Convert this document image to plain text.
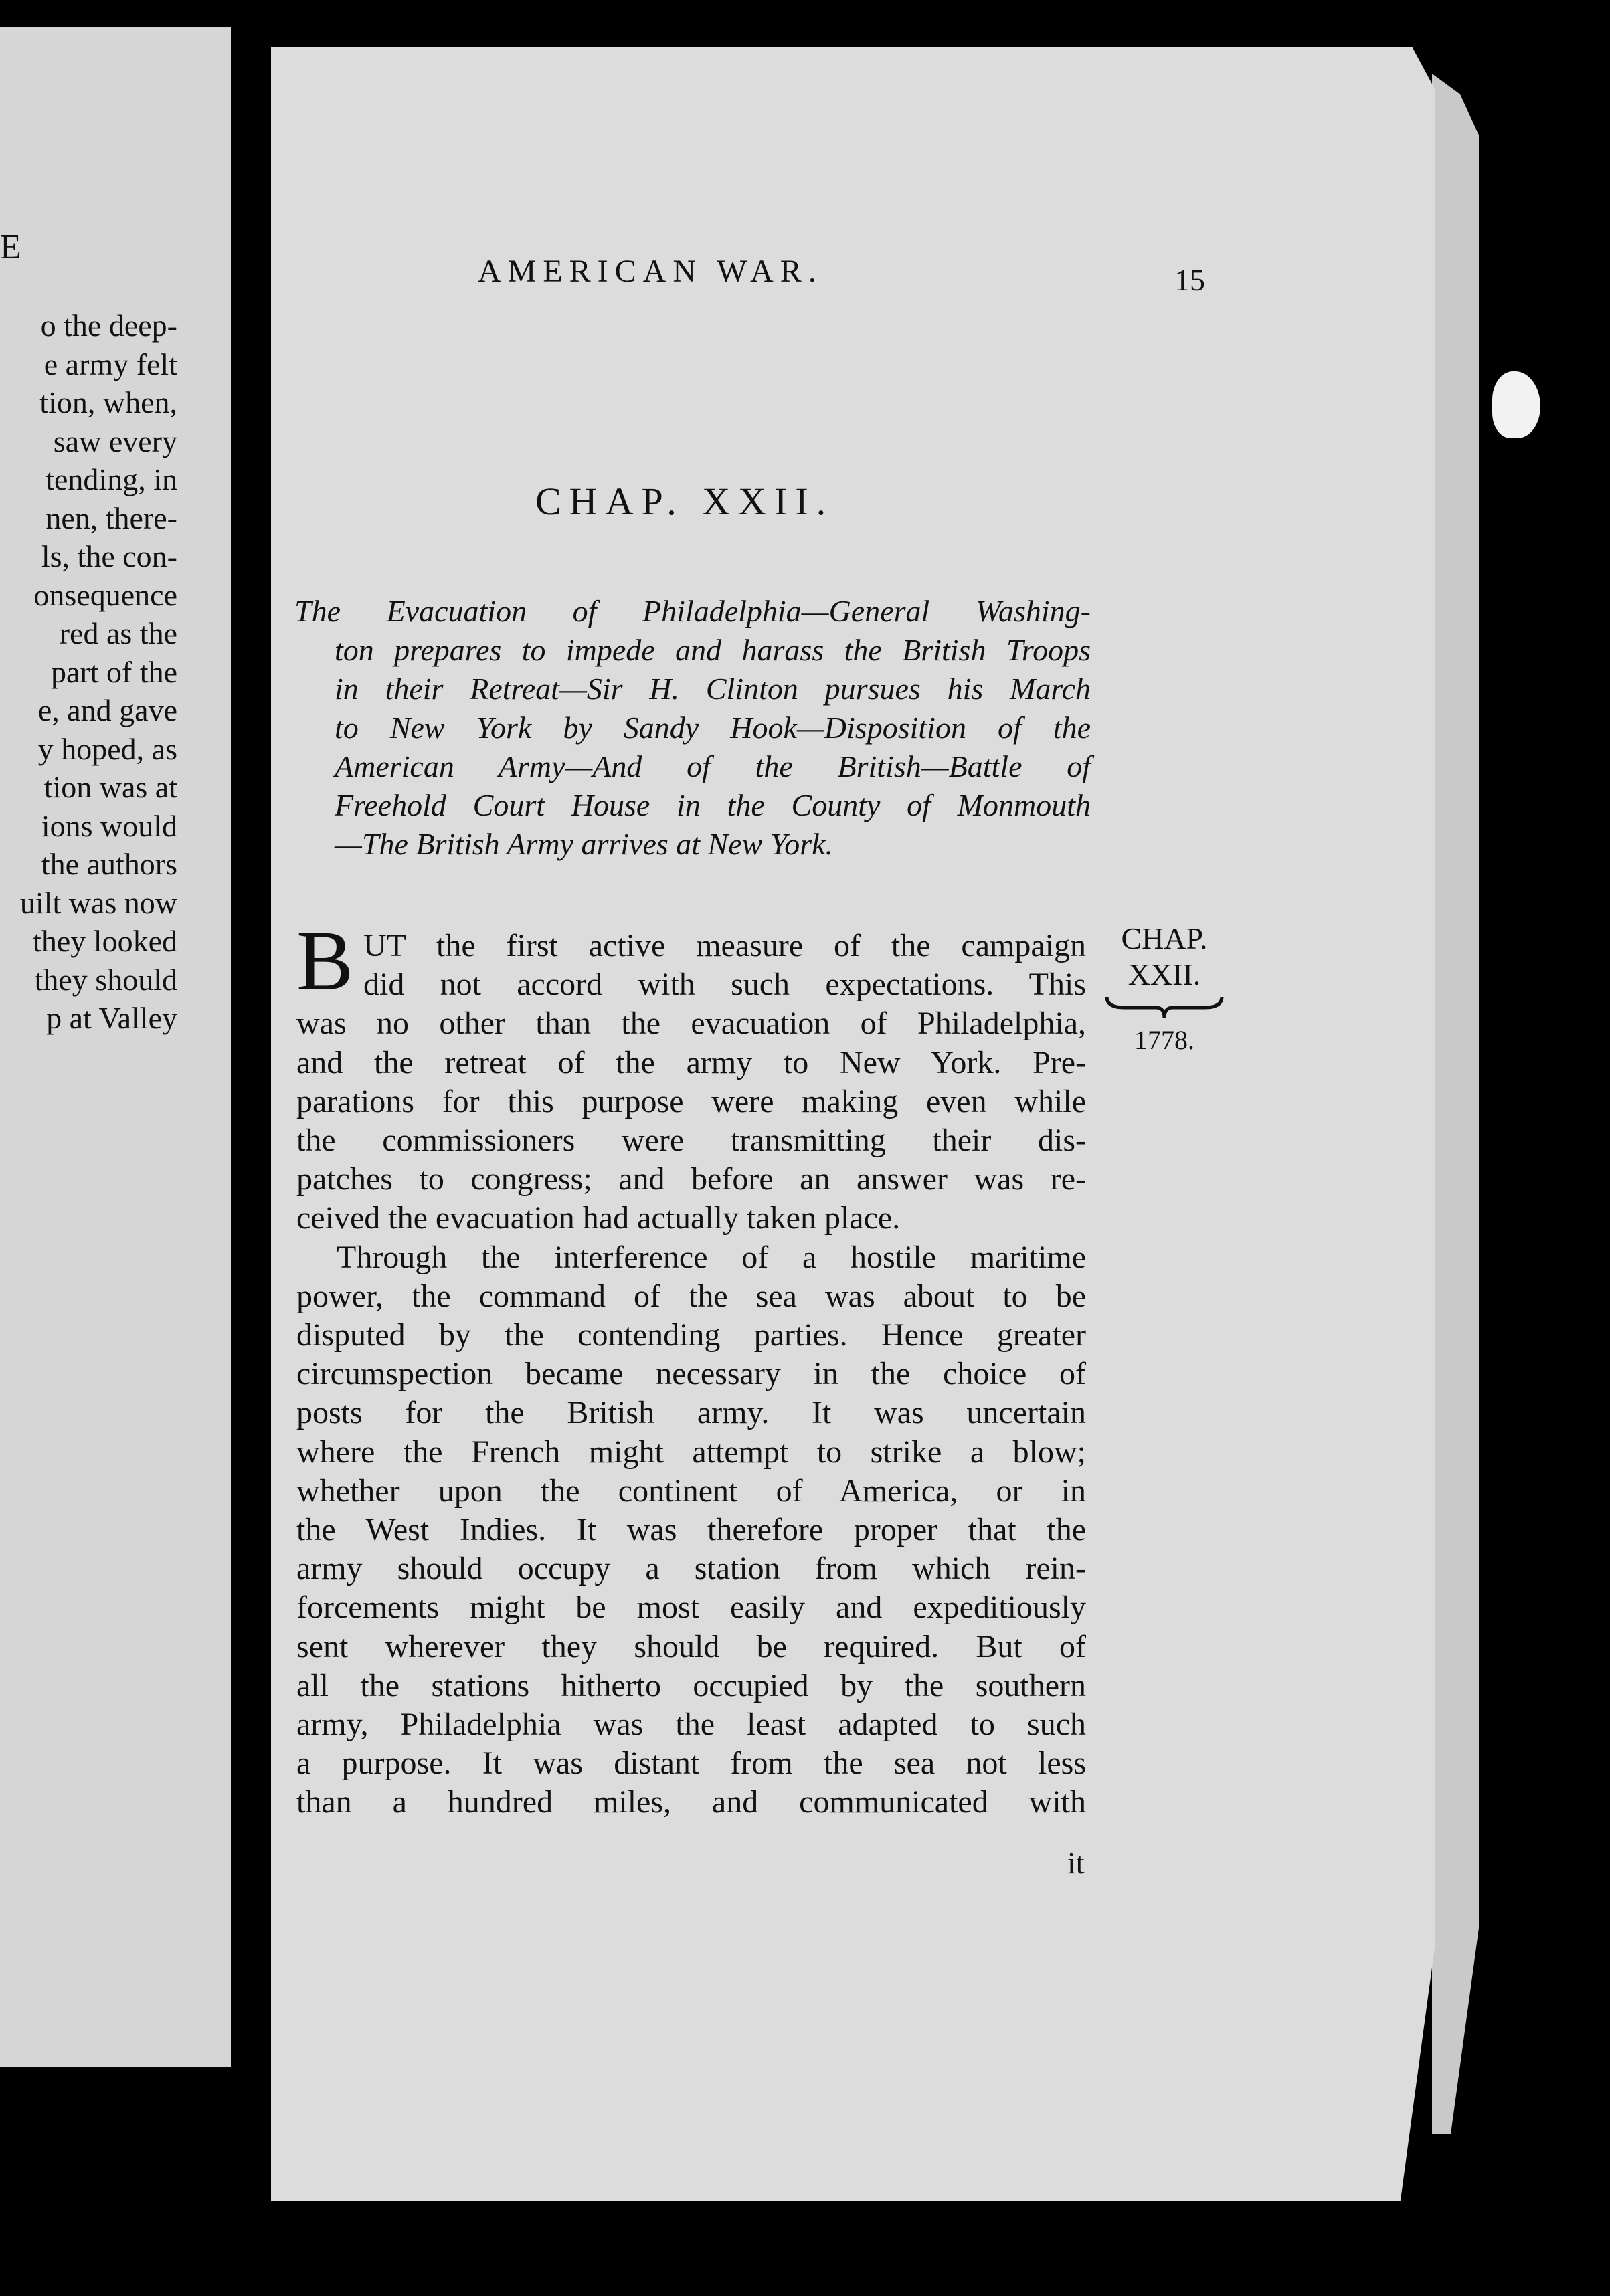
E
o the deep-
e army felt
tion, when,
saw every
tending, in
nen, there-
ls, the con-
onsequence
red as the
part of the
e, and gave
y hoped, as
tion was at
ions would
the authors
uilt was now
they looked
they should
p at Valley
AMERICAN WAR.	15
CHAP. XXII.
The Evacuation of Philadelphia—General Washing-
ton prepares to impede and harass the British Troops
in their Retreat—Sir H. Clinton pursues his March
to New York by Sandy Hook—Disposition of the
American Army—And of the British—Battle of
Freehold Court House in the County of Monmouth
—The British Army arrives at New York.
B UT the first active measure of the campaign
did not accord with such expectations. This
was no other than the evacuation of Philadelphia,
and the retreat of the army to New York. Pre-
parations for this purpose were making even while
the commissioners were transmitting their dis-
patches to congress; and before an answer was re-
ceived the evacuation had actually taken place.
Through the interference of a hostile maritime
power, the command of the sea was about to be
disputed by the contending parties. Hence greater
circumspection became necessary in the choice of
posts for the British army. It was uncertain
where the French might attempt to strike a blow;
whether upon the continent of America, or in
the West Indies. It was therefore proper that the
army should occupy a station from which rein-
forcements might be most easily and expeditiously
sent wherever they should be required. But of
all the stations hitherto occupied by the southern
army, Philadelphia was the least adapted to such
a purpose. It was distant from the sea not less
than a hundred miles, and communicated with
it
CHAP.
XXII.
1778.
